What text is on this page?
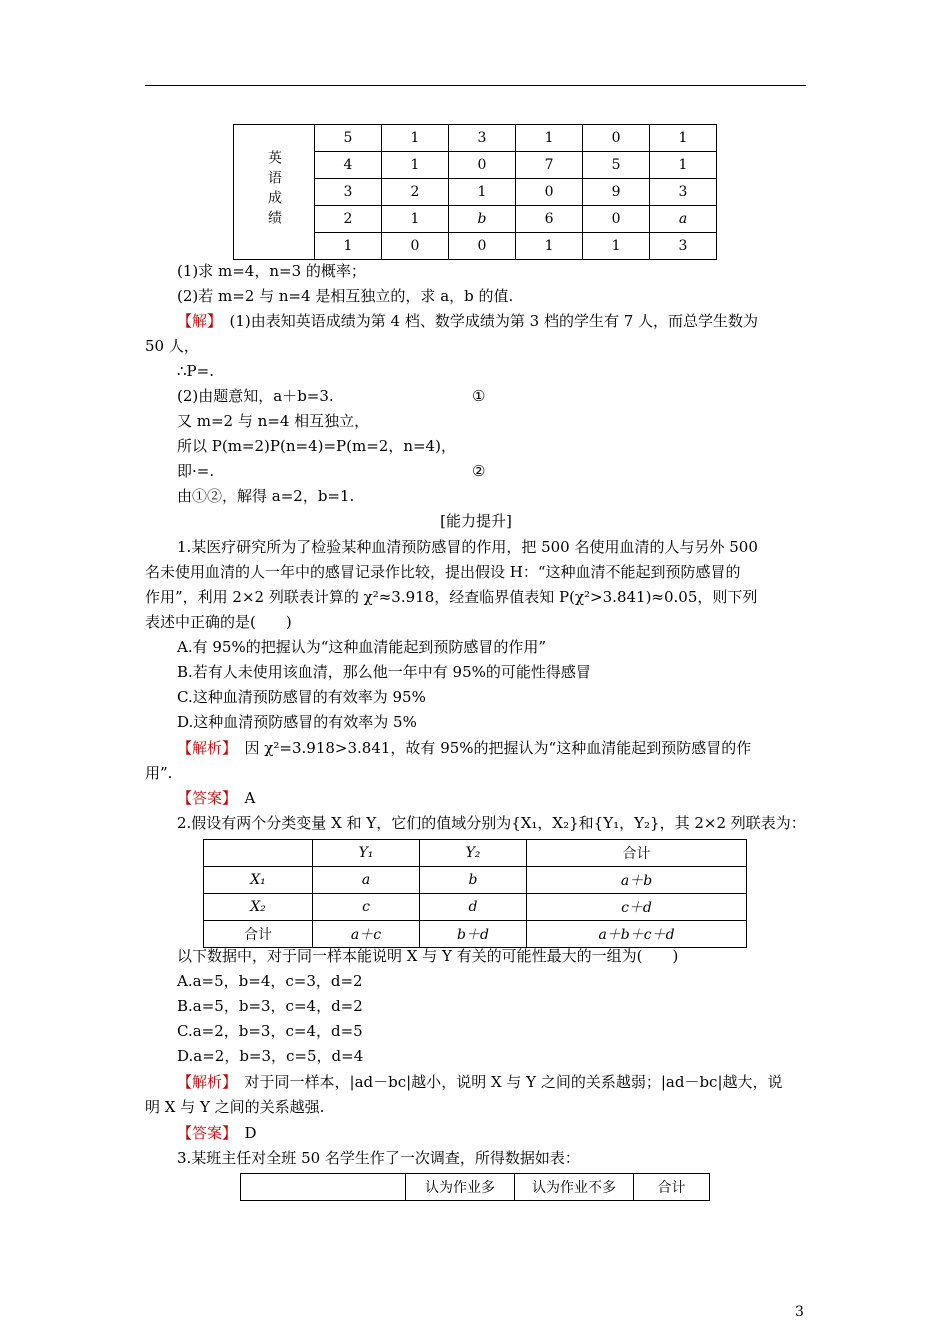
英语成绩	5	1	3	1	0	1
	4	1	0	7	5	1
	3	2	1	0	9	3
	2	1	b	6	0	a
	1	0	0	1	1	3
(1)求 m=4，n=3 的概率；
(2)若 m=2 与 n=4 是相互独立的，求 a，b 的值.
【解】　 (1)由表知英语成绩为第 4 档、数学成绩为第 3 档的学生有 7 人，而总学生数为
50 人，
∴P=.
(2)由题意知，a＋b=3.	①
又 m=2 与 n=4 相互独立，
所以 P(m=2)P(n=4)=P(m=2，n=4)，
即·=.	②
由①②，解得 a=2，b=1.
[能力提升]
1.某医疗研究所为了检验某种血清预防感冒的作用，把 500 名使用血清的人与另外 500
名未使用血清的人一年中的感冒记录作比较，提出假设 H：“这种血清不能起到预防感冒的
作用”，利用 2×2 列联表计算的 χ²≈3.918，经查临界值表知 P(χ²>3.841)≈0.05，则下列
表述中正确的是(　　)
A.有 95%的把握认为“这种血清能起到预防感冒的作用”
B.若有人未使用该血清，那么他一年中有 95%的可能性得感冒
C.这种血清预防感冒的有效率为 95%
D.这种血清预防感冒的有效率为 5%
【解析】　 因 χ²=3.918>3.841，故有 95%的把握认为“这种血清能起到预防感冒的作
用”.
【答案】　 A
2.假设有两个分类变量 X 和 Y，它们的值域分别为{X₁，X₂}和{Y₁，Y₂}，其 2×2 列联表为：
	Y₁	Y₂	合计
X₁	a	b	a＋b
X₂	c	d	c＋d
合计	a＋c	b＋d	a＋b＋c＋d
以下数据中，对于同一样本能说明 X 与 Y 有关的可能性最大的一组为(　　)
A.a=5，b=4，c=3，d=2
B.a=5，b=3，c=4，d=2
C.a=2，b=3，c=4，d=5
D.a=2，b=3，c=5，d=4
【解析】　 对于同一样本，|ad－bc|越小，说明 X 与 Y 之间的关系越弱；|ad－bc|越大，说
明 X 与 Y 之间的关系越强.
【答案】　 D
3.某班主任对全班 50 名学生作了一次调查，所得数据如表：
	认为作业多	认为作业不多	合计
3
